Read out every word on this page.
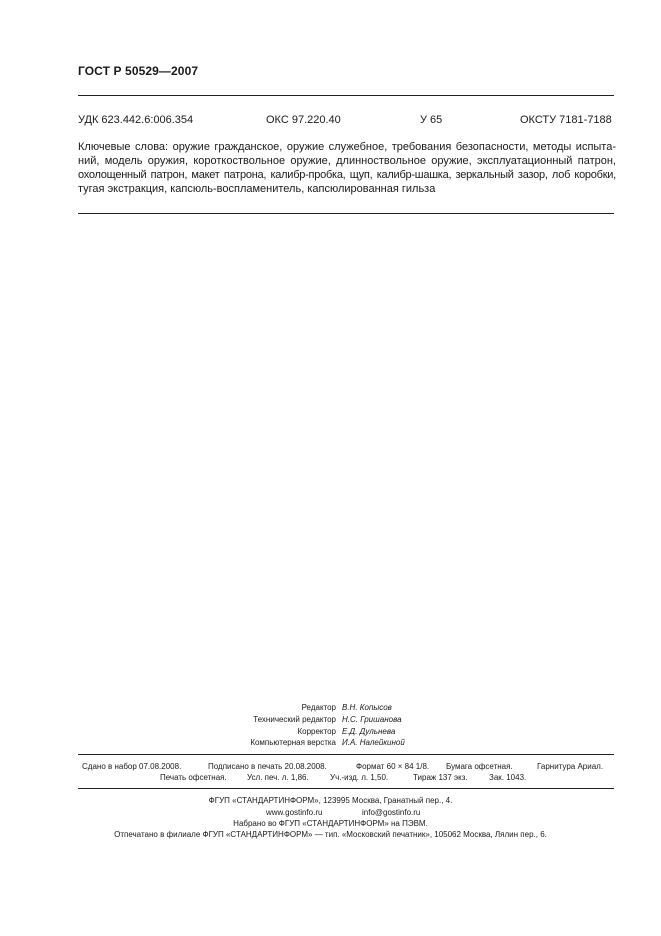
ГОСТ Р 50529—2007
УДК 623.442.6:006.354	ОКС 97.220.40	У 65	ОКСТУ 7181-7188
Ключевые слова: оружие гражданское, оружие служебное, требования безопасности, методы испыта-
ний, модель оружия, короткоствольное оружие, длинноствольное оружие, эксплуатационный патрон,
охолощенный патрон, макет патрона, калибр-пробка, щуп, калибр-шашка, зеркальный зазор, лоб коробки,
тугая экстракция, капсюль-воспламенитель, капсюлированная гильза
Редактор В.Н. Копысов
Технический редактор Н.С. Гришанова
Корректор Е.Д. Дульнева
Компьютерная верстка И.А. Налейкиной
Сдано в набор 07.08.2008.	Подписано в печать 20.08.2008.	Формат 60 × 84 1/8. Бумага офсетная.	Гарнитура Ариал.
Печать офсетная.	Усл. печ. л. 1,86.	Уч.-изд. л. 1,50.	Тираж 137 экз.	Зак. 1043.
ФГУП «СТАНДАРТИНФОРМ», 123995 Москва, Гранатный пер., 4.
www.gostinfo.ru	info@gostinfo.ru
Набрано во ФГУП «СТАНДАРТИНФОРМ» на ПЭВМ.
Отпечатано в филиале ФГУП «СТАНДАРТИНФОРМ» — тип. «Московский печатник», 105062 Москва, Лялин пер., 6.
